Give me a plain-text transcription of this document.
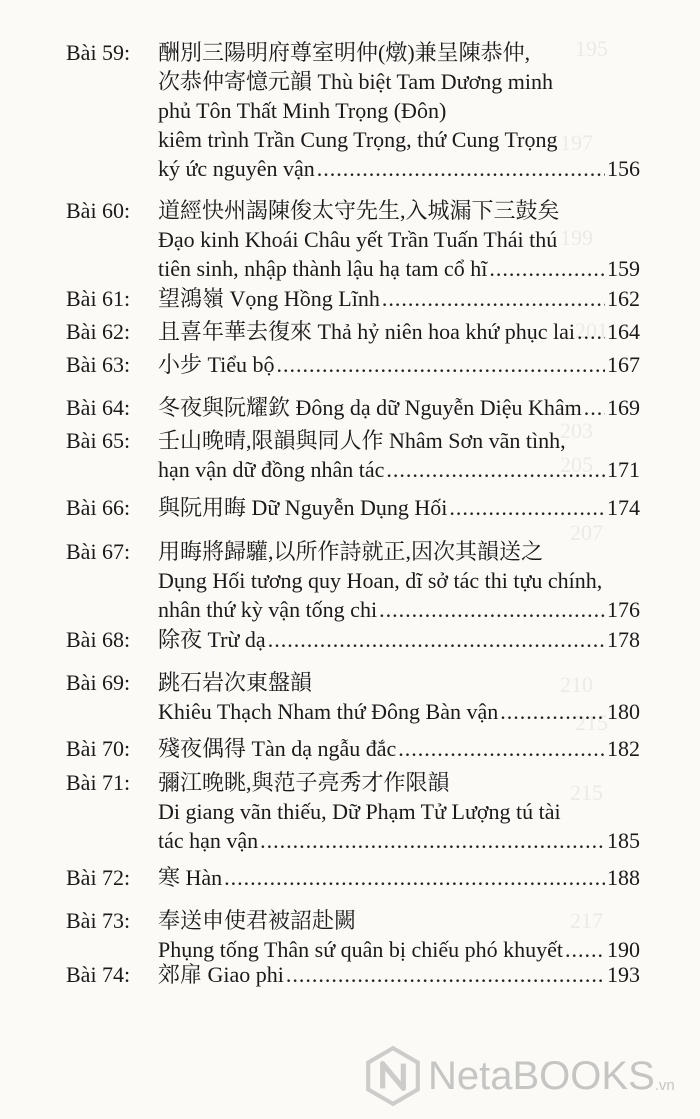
195
197
199
201
203
205
207
210
215
215
217
Bài 59: 酬別三陽明府尊室明仲(燉)兼呈陳恭仲,
次恭仲寄憶元韻 Thù biệt Tam Dương minh
phủ Tôn Thất Minh Trọng (Đôn)
kiêm trình Trần Cung Trọng, thứ Cung Trọng
ký ức nguyên vận .....	156
Bài 60: 道經快州謁陳俊太守先生,入城漏下三鼓矣
Đạo kinh Khoái Châu yết Trần Tuấn Thái thú
tiên sinh, nhập thành lậu hạ tam cổ hĩ .....	159
Bài 61: 望鴻嶺 Vọng Hồng Lĩnh .....	162
Bài 62: 且喜年華去復來 Thả hỷ niên hoa khứ phục lai ..... 164
Bài 63: 小步 Tiểu bộ .....	167
Bài 64: 冬夜與阮耀欽 Đông dạ dữ Nguyễn Diệu Khâm ..... 169
Bài 65: 壬山晚晴,限韻與同人作 Nhâm Sơn vãn tình,
hạn vận dữ đồng nhân tác .....	171
Bài 66: 與阮用晦 Dữ Nguyễn Dụng Hối .....	174
Bài 67: 用晦將歸驩,以所作詩就正,因次其韻送之
Dụng Hối tương quy Hoan, dĩ sở tác thi tựu chính,
nhân thứ kỳ vận tống chi .....	176
Bài 68: 除夜 Trừ dạ .....	178
Bài 69: 跳石岩次東盤韻
Khiêu Thạch Nham thứ Đông Bàn vận .....	180
Bài 70: 殘夜偶得 Tàn dạ ngẫu đắc .....	182
Bài 71: 彌江晚眺,與范子亮秀才作限韻
Di giang vãn thiếu, Dữ Phạm Tử Lượng tú tài
tác hạn vận .....	185
Bài 72: 寒 Hàn .....	188
Bài 73: 奉送申使君被詔赴闕
Phụng tống Thân sứ quân bị chiếu phó khuyết ..... 190
Bài 74: 郊扉 Giao phi .....	193
NetaBOOKS .vn
